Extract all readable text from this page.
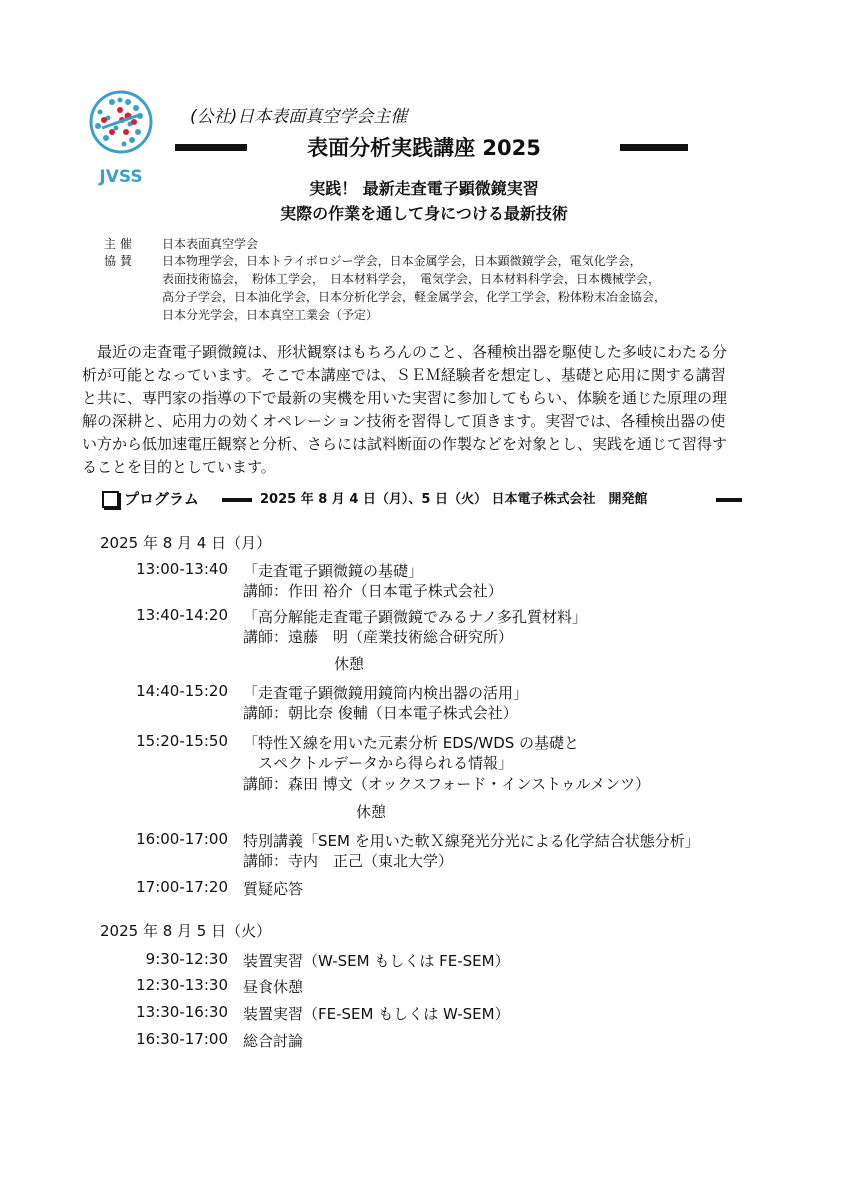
JVSS
(公社)日本表面真空学会主催
表面分析実践講座 2025
実践！ 最新走査電子顕微鏡実習
実際の作業を通して身につける最新技術
主 催	日本表面真空学会
協 賛	日本物理学会，日本トライボロジー学会，日本金属学会，日本顕微鏡学会，電気化学会，
表面技術協会，　粉体工学会，　日本材料学会，　電気学会，日本材料科学会，日本機械学会，
高分子学会，日本油化学会，日本分析化学会，軽金属学会，化学工学会，粉体粉末冶金協会，
日本分光学会，日本真空工業会（予定）
　最近の走査電子顕微鏡は、形状観察はもちろんのこと、各種検出器を駆使した多岐にわたる分
析が可能となっています。そこで本講座では、ＳＥＭ経験者を想定し、基礎と応用に関する講習
と共に、専門家の指導の下で最新の実機を用いた実習に参加してもらい、体験を通じた原理の理
解の深耕と、応用力の効くオペレーション技術を習得して頂きます。実習では、各種検出器の使
い方から低加速電圧観察と分析、さらには試料断面の作製などを対象とし、実践を通じて習得す
ることを目的としています。
プログラム	2025 年 8 月 4 日（月）、5 日（火） 日本電子株式会社　開発館
2025 年 8 月 4 日（月）
13:00-13:40 「走査電子顕微鏡の基礎」
講師：作田 裕介（日本電子株式会社）
13:40-14:20 「高分解能走査電子顕微鏡でみるナノ多孔質材料」
講師：遠藤　明（産業技術総合研究所）
休憩
14:40-15:20 「走査電子顕微鏡用鏡筒内検出器の活用」
講師：朝比奈 俊輔（日本電子株式会社）
15:20-15:50 「特性Ｘ線を用いた元素分析 EDS/WDS の基礎と
　スペクトルデータから得られる情報」
講師：森田 博文（オックスフォード・インストゥルメンツ）
休憩
16:00-17:00 特別講義「SEM を用いた軟Ｘ線発光分光による化学結合状態分析」
講師：寺内　正己（東北大学）
17:00-17:20 質疑応答
2025 年 8 月 5 日（火）
9:30-12:30 装置実習（W-SEM もしくは FE-SEM）
12:30-13:30 昼食休憩
13:30-16:30 装置実習（FE-SEM もしくは W-SEM）
16:30-17:00 総合討論
